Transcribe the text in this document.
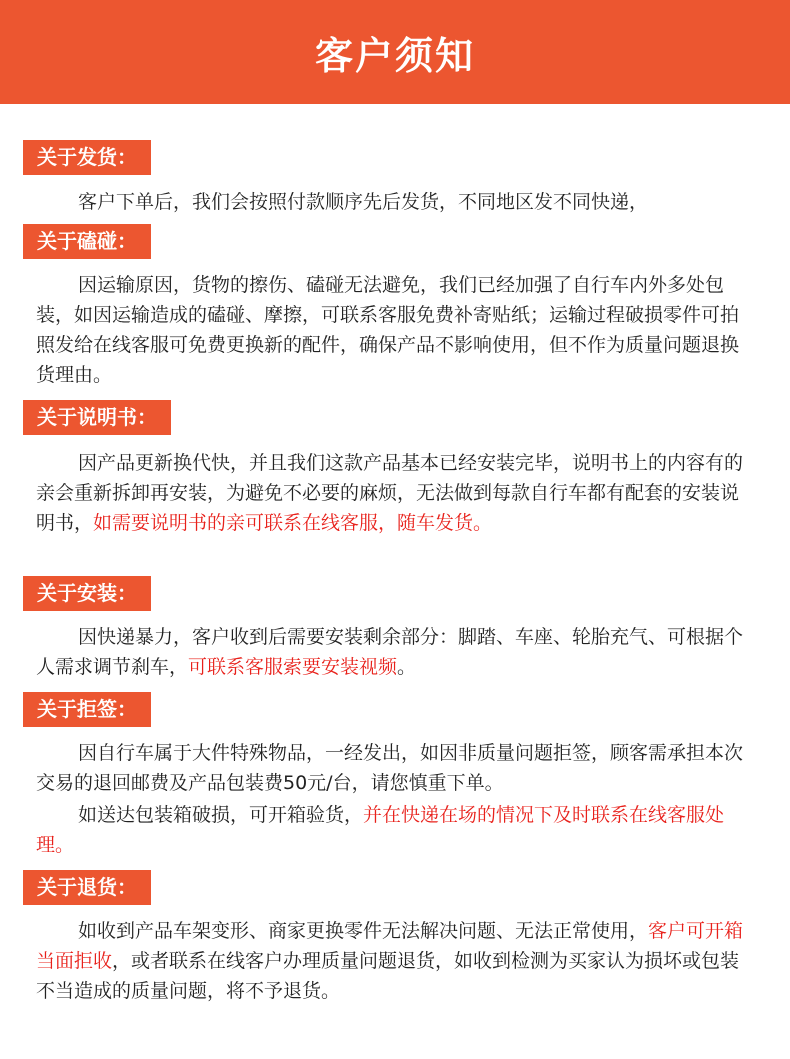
客户须知
关于发货：

客户下单后，我们会按照付款顺序先后发货，不同地区发不同快递，

关于磕碰：

因运输原因，货物的擦伤、磕碰无法避免，我们已经加强了自行车内外多处包装，如因运输造成的磕碰、摩擦，可联系客服免费补寄贴纸；运输过程破损零件可拍照发给在线客服可免费更换新的配件，确保产品不影响使用，但不作为质量问题退换货理由。

关于说明书：

因产品更新换代快，并且我们这款产品基本已经安装完毕，说明书上的内容有的亲会重新拆卸再安装，为避免不必要的麻烦，无法做到每款自行车都有配套的安装说明书，如需要说明书的亲可联系在线客服，随车发货。

关于安装：

因快递暴力，客户收到后需要安装剩余部分：脚踏、车座、轮胎充气、可根据个人需求调节刹车，可联系客服索要安装视频。

关于拒签：

因自行车属于大件特殊物品，一经发出，如因非质量问题拒签，顾客需承担本次交易的退回邮费及产品包装费50元/台，请您慎重下单。

如送达包装箱破损，可开箱验货，并在快递在场的情况下及时联系在线客服处理。

关于退货：

如收到产品车架变形、商家更换零件无法解决问题、无法正常使用，客户可开箱当面拒收，或者联系在线客户办理质量问题退货，如收到检测为买家认为损坏或包装不当造成的质量问题，将不予退货。
